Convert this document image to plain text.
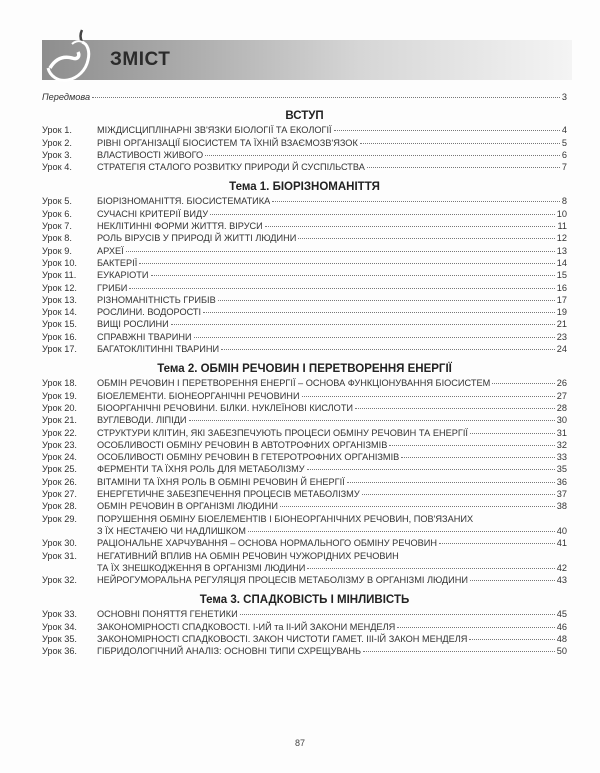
ЗМІСТ
Передмова	3
ВСТУП
Урок 1.	МІЖДИСЦИПЛІНАРНІ ЗВ'ЯЗКИ БІОЛОГІЇ ТА ЕКОЛОГІЇ	4
Урок 2.	РІВНІ ОРГАНІЗАЦІЇ БІОСИСТЕМ ТА ЇХНІЙ ВЗАЄМОЗВ'ЯЗОК	5
Урок 3.	ВЛАСТИВОСТІ ЖИВОГО	6
Урок 4.	СТРАТЕГІЯ СТАЛОГО РОЗВИТКУ ПРИРОДИ Й СУСПІЛЬСТВА	7
Тема 1. БІОРІЗНОМАНІТТЯ
Урок 5.	БІОРІЗНОМАНІТТЯ. БІОСИСТЕМАТИКА	8
Урок 6.	СУЧАСНІ КРИТЕРІЇ ВИДУ	10
Урок 7.	НЕКЛІТИННІ ФОРМИ ЖИТТЯ. ВІРУСИ	11
Урок 8.	РОЛЬ ВІРУСІВ У ПРИРОДІ Й ЖИТТІ ЛЮДИНИ	12
Урок 9.	АРХЕЇ	13
Урок 10.	БАКТЕРІЇ	14
Урок 11.	ЕУКАРІОТИ	15
Урок 12.	ГРИБИ	16
Урок 13.	РІЗНОМАНІТНІСТЬ ГРИБІВ	17
Урок 14.	РОСЛИНИ. ВОДОРОСТІ	19
Урок 15.	ВИЩІ РОСЛИНИ	21
Урок 16.	СПРАВЖНІ ТВАРИНИ	23
Урок 17.	БАГАТОКЛІТИННІ ТВАРИНИ	24
Тема 2. ОБМІН РЕЧОВИН І ПЕРЕТВОРЕННЯ ЕНЕРГІЇ
Урок 18.	ОБМІН РЕЧОВИН І ПЕРЕТВОРЕННЯ ЕНЕРГІЇ – ОСНОВА ФУНКЦІОНУВАННЯ БІОСИСТЕМ	26
Урок 19.	БІОЕЛЕМЕНТИ. БІОНЕОРГАНІЧНІ РЕЧОВИНИ	27
Урок 20.	БІООРГАНІЧНІ РЕЧОВИНИ. БІЛКИ. НУКЛЕЇНОВІ КИСЛОТИ	28
Урок 21.	ВУГЛЕВОДИ. ЛІПІДИ	30
Урок 22.	СТРУКТУРИ КЛІТИН, ЯКІ ЗАБЕЗПЕЧУЮТЬ ПРОЦЕСИ ОБМІНУ РЕЧОВИН ТА ЕНЕРГІЇ	31
Урок 23.	ОСОБЛИВОСТІ ОБМІНУ РЕЧОВИН В АВТОТРОФНИХ ОРГАНІЗМІВ	32
Урок 24.	ОСОБЛИВОСТІ ОБМІНУ РЕЧОВИН В ГЕТЕРОТРОФНИХ ОРГАНІЗМІВ	33
Урок 25.	ФЕРМЕНТИ ТА ЇХНЯ РОЛЬ ДЛЯ МЕТАБОЛІЗМУ	35
Урок 26.	ВІТАМІНИ ТА ЇХНЯ РОЛЬ В ОБМІНІ РЕЧОВИН Й ЕНЕРГІЇ	36
Урок 27.	ЕНЕРГЕТИЧНЕ ЗАБЕЗПЕЧЕННЯ ПРОЦЕСІВ МЕТАБОЛІЗМУ	37
Урок 28.	ОБМІН РЕЧОВИН В ОРГАНІЗМІ ЛЮДИНИ	38
Урок 29.	ПОРУШЕННЯ ОБМІНУ БІОЕЛЕМЕНТІВ І БІОНЕОРГАНІЧНИХ РЕЧОВИН, ПОВ'ЯЗАНИХ
З ЇХ НЕСТАЧЕЮ ЧИ НАДЛИШКОМ	40
Урок 30.	РАЦІОНАЛЬНЕ ХАРЧУВАННЯ – ОСНОВА НОРМАЛЬНОГО ОБМІНУ РЕЧОВИН	41
Урок 31.	НЕГАТИВНИЙ ВПЛИВ НА ОБМІН РЕЧОВИН ЧУЖОРІДНИХ РЕЧОВИН
ТА ЇХ ЗНЕШКОДЖЕННЯ В ОРГАНІЗМІ ЛЮДИНИ	42
Урок 32.	НЕЙРОГУМОРАЛЬНА РЕГУЛЯЦІЯ ПРОЦЕСІВ МЕТАБОЛІЗМУ В ОРГАНІЗМІ ЛЮДИНИ	43
Тема 3. СПАДКОВІСТЬ І МІНЛИВІСТЬ
Урок 33.	ОСНОВНІ ПОНЯТТЯ ГЕНЕТИКИ	45
Урок 34.	ЗАКОНОМІРНОСТІ СПАДКОВОСТІ. І-ИЙ та ІІ-ИЙ ЗАКОНИ МЕНДЕЛЯ	46
Урок 35.	ЗАКОНОМІРНОСТІ СПАДКОВОСТІ. ЗАКОН ЧИСТОТИ ГАМЕТ. ІІІ-ІЙ ЗАКОН МЕНДЕЛЯ	48
Урок 36.	ГІБРИДОЛОГІЧНИЙ АНАЛІЗ: ОСНОВНІ ТИПИ СХРЕЩУВАНЬ	50
87
